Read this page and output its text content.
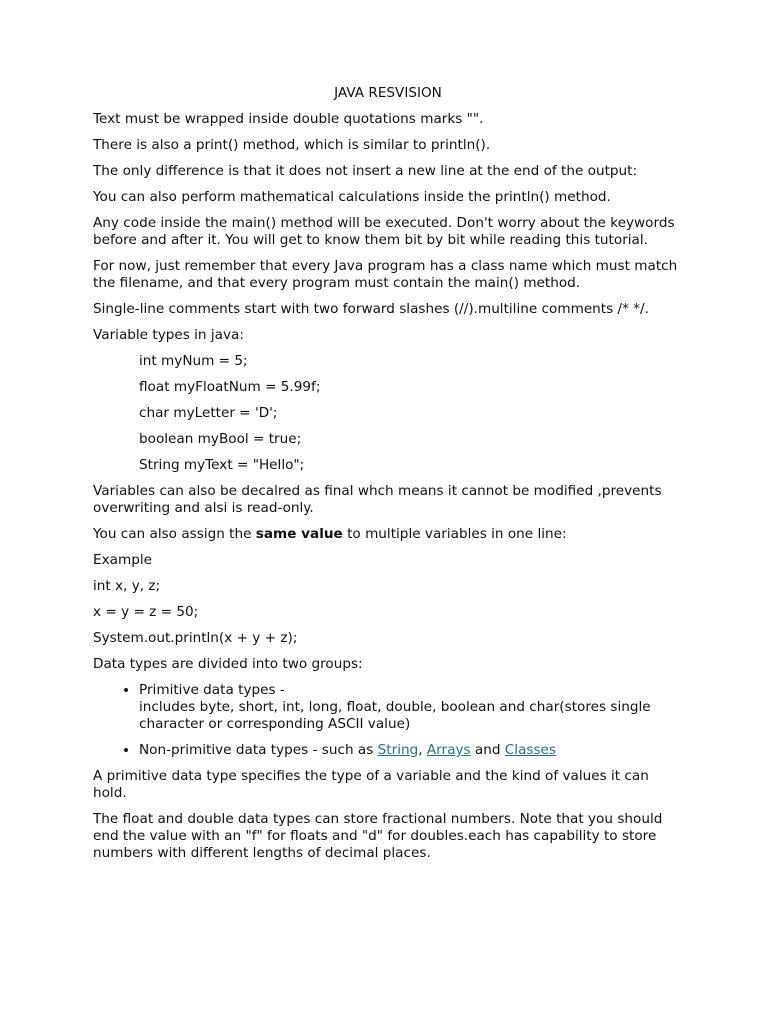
JAVA RESVISION

Text must be wrapped inside double quotations marks "".

There is also a print() method, which is similar to println().

The only difference is that it does not insert a new line at the end of the output:

You can also perform mathematical calculations inside the println() method.

Any code inside the main() method will be executed. Don't worry about the keywords before and after it. You will get to know them bit by bit while reading this tutorial.

For now, just remember that every Java program has a class name which must match the filename, and that every program must contain the main() method.

Single-line comments start with two forward slashes (//).multiline comments /* */.

Variable types in java:

int myNum = 5;

float myFloatNum = 5.99f;

char myLetter = 'D';

boolean myBool = true;

String myText = "Hello";

Variables can also be decalred as final whch means it cannot be modified ,prevents overwriting and alsi is read-only.

You can also assign the same value to multiple variables in one line:

Example

int x, y, z;

x = y = z = 50;

System.out.println(x + y + z);

Data types are divided into two groups:

• Primitive data types -
includes byte, short, int, long, float, double, boolean and char(stores single character or corresponding ASCII value)
• Non-primitive data types - such as String, Arrays and Classes

A primitive data type specifies the type of a variable and the kind of values it can hold.

The float and double data types can store fractional numbers. Note that you should end the value with an "f" for floats and "d" for doubles.each has capability to store numbers with different lengths of decimal places.
